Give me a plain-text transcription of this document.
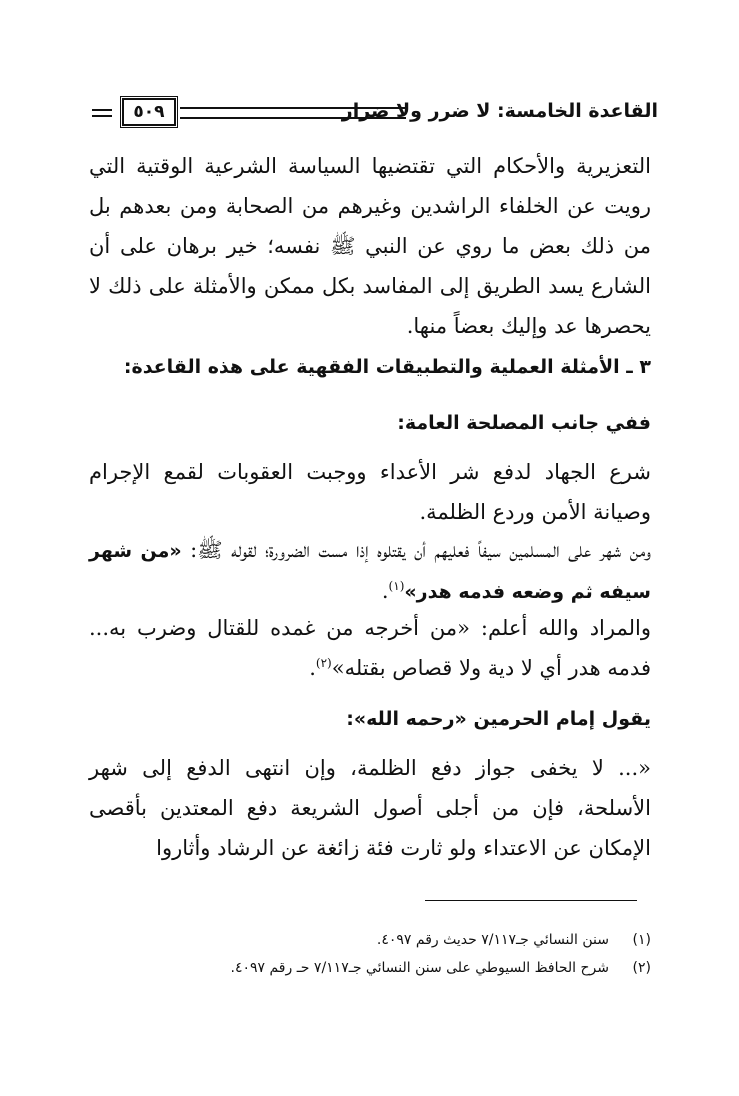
القاعدة الخامسة: لا ضرر ولا ضرار
٥٠٩
التعزيرية والأحكام التي تقتضيها السياسة الشرعية الوقتية التي رويت عن الخلفاء الراشدين وغيرهم من الصحابة ومن بعدهم بل من ذلك بعض ما روي عن النبي ﷺ نفسه؛ خير برهان على أن الشارع يسد الطريق إلى المفاسد بكل ممكن والأمثلة على ذلك لا يحصرها عد وإليك بعضاً منها.
٣ ـ الأمثلة العملية والتطبيقات الفقهية على هذه القاعدة:
ففي جانب المصلحة العامة:
شرع الجهاد لدفع شر الأعداء ووجبت العقوبات لقمع الإجرام وصيانة الأمن وردع الظلمة.
ومن شهر على المسلمين سيفاً فعليهم أن يقتلوه إذا مست الضرورة؛ لقوله ﷺ: «من شهر سيفه ثم وضعه فدمه هدر»$^{(١)}$.
والمراد والله أعلم: «من أخرجه من غمده للقتال وضرب به... فدمه هدر أي لا دية ولا قصاص بقتله»$^{(٢)}$.
يقول إمام الحرمين «رحمه الله»:
«... لا يخفى جواز دفع الظلمة، وإن انتهى الدفع إلى شهر الأسلحة، فإن من أجلى أصول الشريعة دفع المعتدين بأقصى الإمكان عن الاعتداء ولو ثارت فئة زائغة عن الرشاد وأثاروا
(١)سنن النسائي جـ٧/١١٧ حديث رقم ٤٠٩٧.
(٢)شرح الحافظ السيوطي على سنن النسائي جـ٧/١١٧ حـ رقم ٤٠٩٧.
